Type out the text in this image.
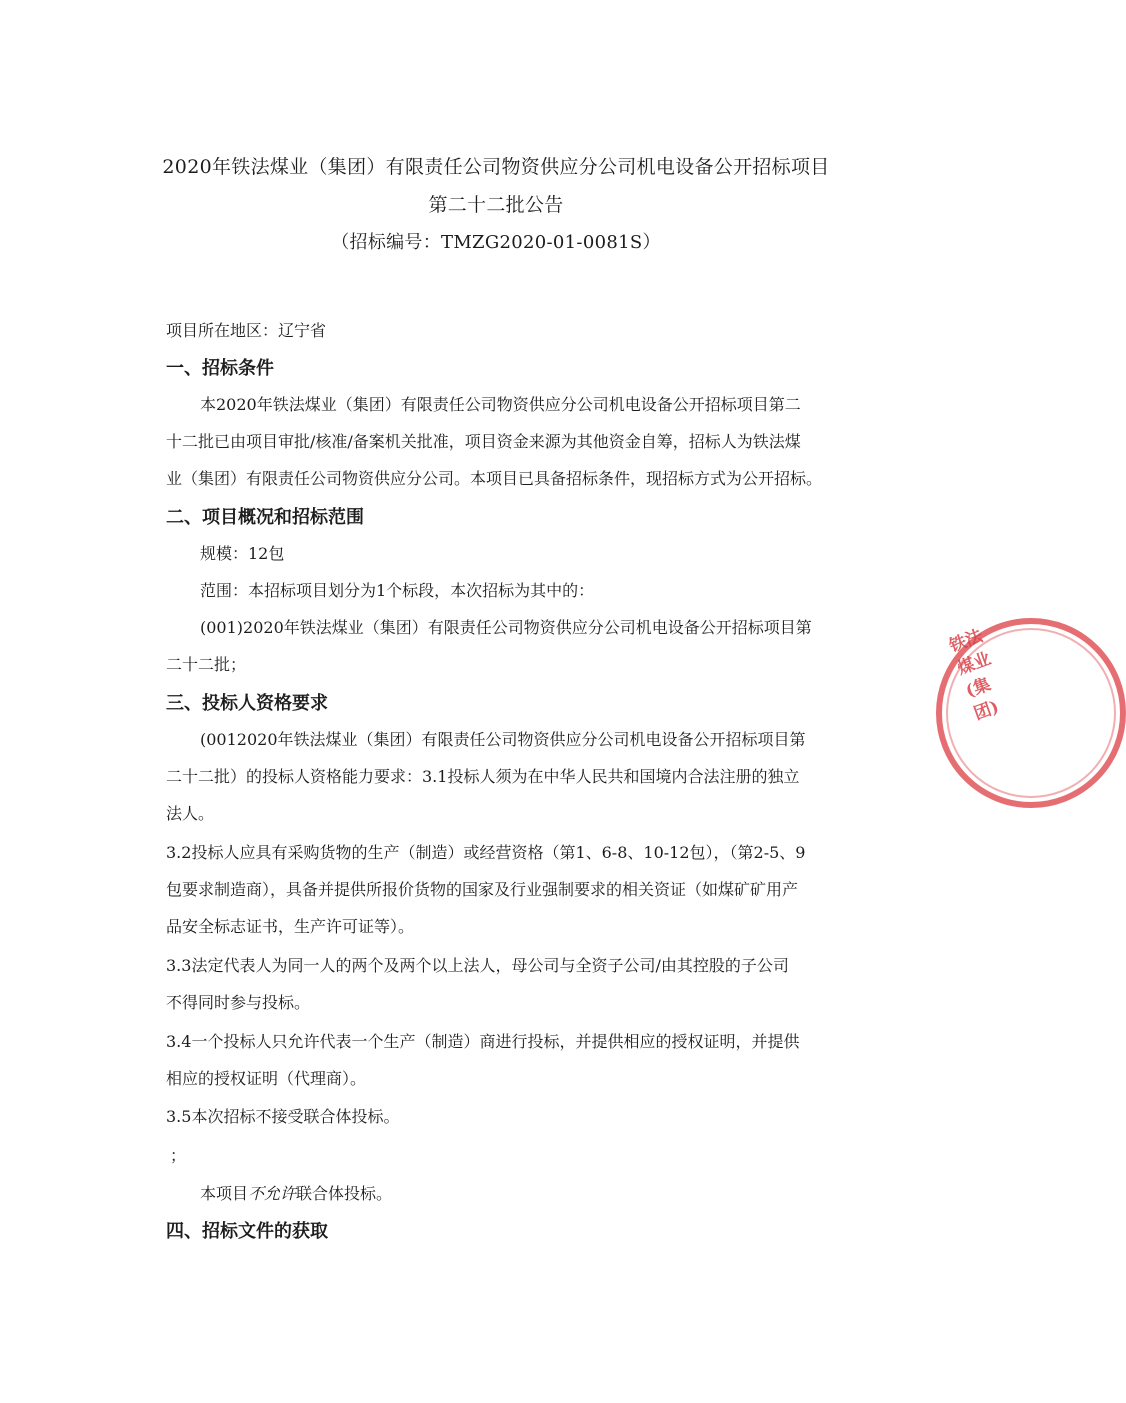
2020年铁法煤业（集团）有限责任公司物资供应分公司机电设备公开招标项目
第二十二批公告
（招标编号：TMZG2020-01-0081S）
项目所在地区：辽宁省
一、招标条件
本2020年铁法煤业（集团）有限责任公司物资供应分公司机电设备公开招标项目第二
十二批已由项目审批/核准/备案机关批准，项目资金来源为其他资金自筹，招标人为铁法煤
业（集团）有限责任公司物资供应分公司。本项目已具备招标条件，现招标方式为公开招标。
二、项目概况和招标范围
规模：12包
范围：本招标项目划分为1个标段，本次招标为其中的：
(001)2020年铁法煤业（集团）有限责任公司物资供应分公司机电设备公开招标项目第
二十二批；
三、投标人资格要求
(0012020年铁法煤业（集团）有限责任公司物资供应分公司机电设备公开招标项目第
二十二批）的投标人资格能力要求：3.1投标人须为在中华人民共和国境内合法注册的独立
法人。
3.2投标人应具有采购货物的生产（制造）或经营资格（第1、6-8、10-12包），（第2-5、9
包要求制造商），具备并提供所报价货物的国家及行业强制要求的相关资证（如煤矿矿用产
品安全标志证书，生产许可证等）。
3.3法定代表人为同一人的两个及两个以上法人，母公司与全资子公司/由其控股的子公司
不得同时参与投标。
3.4一个投标人只允许代表一个生产（制造）商进行投标，并提供相应的授权证明，并提供
相应的授权证明（代理商）。
3.5本次招标不接受联合体投标。
；
本项目不允许联合体投标。
四、招标文件的获取
铁法煤业(集团)
